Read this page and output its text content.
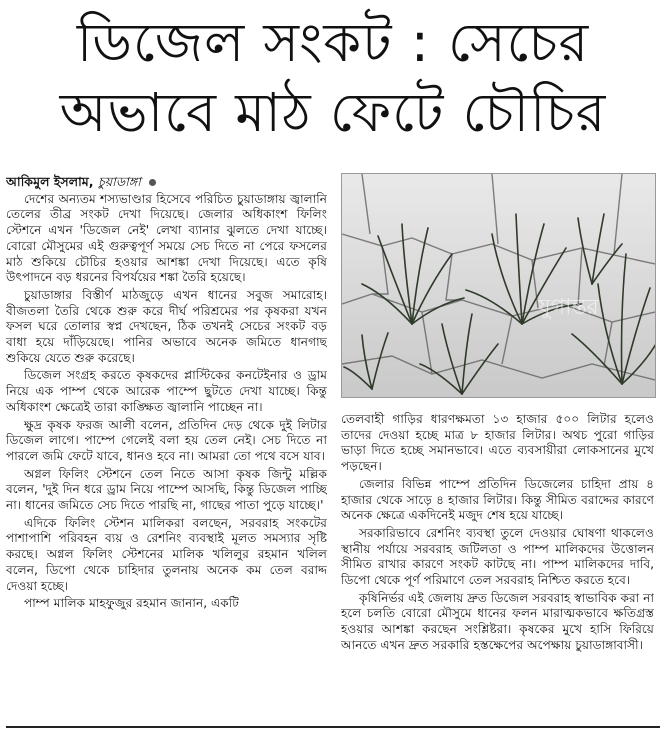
ডিজেল সংকট : সেচের
অভাবে মাঠ ফেটে চৌচির
আকিমুল ইসলাম, চুয়াডাঙ্গা

দেশের অন্যতম শস্যভাণ্ডার হিসেবে পরিচিত চুয়াডাঙ্গায় জ্বালানি তেলের তীব্র সংকট দেখা দিয়েছে। জেলার অধিকাংশ ফিলিং স্টেশনে এখন 'ডিজেল নেই' লেখা ব্যানার ঝুলতে দেখা যাচ্ছে। বোরো মৌসুমের এই গুরুত্বপূর্ণ সময়ে সেচ দিতে না পেরে ফসলের মাঠ শুকিয়ে চৌচির হওয়ার আশঙ্কা দেখা দিয়েছে। এতে কৃষি উৎপাদনে বড় ধরনের বিপর্যয়ের শঙ্কা তৈরি হয়েছে।

চুয়াডাঙ্গার বিস্তীর্ণ মাঠজুড়ে এখন ধানের সবুজ সমারোহ। বীজতলা তৈরি থেকে শুরু করে দীর্ঘ পরিশ্রমের পর কৃষকরা যখন ফসল ঘরে তোলার স্বপ্ন দেখছেন, ঠিক তখনই সেচের সংকট বড় বাধা হয়ে দাঁড়িয়েছে। পানির অভাবে অনেক জমিতে ধানগাছ শুকিয়ে যেতে শুরু করেছে।

ডিজেল সংগ্রহ করতে কৃষকদের প্লাস্টিকের কনটেইনার ও ড্রাম নিয়ে এক পাম্প থেকে আরেক পাম্পে ছুটতে দেখা যাচ্ছে। কিন্তু অধিকাংশ ক্ষেত্রেই তারা কাঙ্ক্ষিত জ্বালানি পাচ্ছেন না।

ক্ষুদ্র কৃষক ফরজ আলী বলেন, প্রতিদিন দেড় থেকে দুই লিটার ডিজেল লাগে। পাম্পে গেলেই বলা হয় তেল নেই। সেচ দিতে না পারলে জমি ফেটে যাবে, ধানও হবে না। আমরা তো পথে বসে যাব।

অগ্নল ফিলিং স্টেশনে তেল নিতে আসা কৃষক জিন্টু মল্লিক বলেন, 'দুই দিন ধরে ড্রাম নিয়ে পাম্পে আসছি, কিন্তু ডিজেল পাচ্ছি না। ধানের জমিতে সেচ দিতে পারছি না, গাছের পাতা পুড়ে যাচ্ছে।'

এদিকে ফিলিং স্টেশন মালিকরা বলছেন, সরবরাহ সংকটের পাশাপাশি পরিবহন ব্যয় ও রেশনিং ব্যবস্থাই মূলত সমস্যার সৃষ্টি করছে। অগ্নল ফিলিং স্টেশনের মালিক খলিলুর রহমান খলিল বলেন, ডিপো থেকে চাহিদার তুলনায় অনেক কম তেল বরাদ্দ দেওয়া হচ্ছে।

পাম্প মালিক মাহফুজুর রহমান জানান, একটি

যুগান্তর

তেলবাহী গাড়ির ধারণক্ষমতা ১৩ হাজার ৫০০ লিটার হলেও তাদের দেওয়া হচ্ছে মাত্র ৮ হাজার লিটার। অথচ পুরো গাড়ির ভাড়া দিতে হচ্ছে সমানভাবে। এতে ব্যবসায়ীরা লোকসানের মুখে পড়ছেন।

জেলার বিভিন্ন পাম্পে প্রতিদিন ডিজেলের চাহিদা প্রায় ৪ হাজার থেকে সাড়ে ৪ হাজার লিটার। কিন্তু সীমিত বরাদ্দের কারণে অনেক ক্ষেত্রে একদিনেই মজুদ শেষ হয়ে যাচ্ছে।

সরকারিভাবে রেশনিং ব্যবস্থা তুলে দেওয়ার ঘোষণা থাকলেও স্থানীয় পর্যায়ে সরবরাহ জটিলতা ও পাম্প মালিকদের উত্তোলন সীমিত রাখার কারণে সংকট কাটছে না। পাম্প মালিকদের দাবি, ডিপো থেকে পূর্ণ পরিমাণে তেল সরবরাহ নিশ্চিত করতে হবে।

কৃষিনির্ভর এই জেলায় দ্রুত ডিজেল সরবরাহ স্বাভাবিক করা না হলে চলতি বোরো মৌসুমে ধানের ফলন মারাত্মকভাবে ক্ষতিগ্রস্ত হওয়ার আশঙ্কা করছেন সংশ্লিষ্টরা। কৃষকের মুখে হাসি ফিরিয়ে আনতে এখন দ্রুত সরকারি হস্তক্ষেপের অপেক্ষায় চুয়াডাঙ্গাবাসী।
